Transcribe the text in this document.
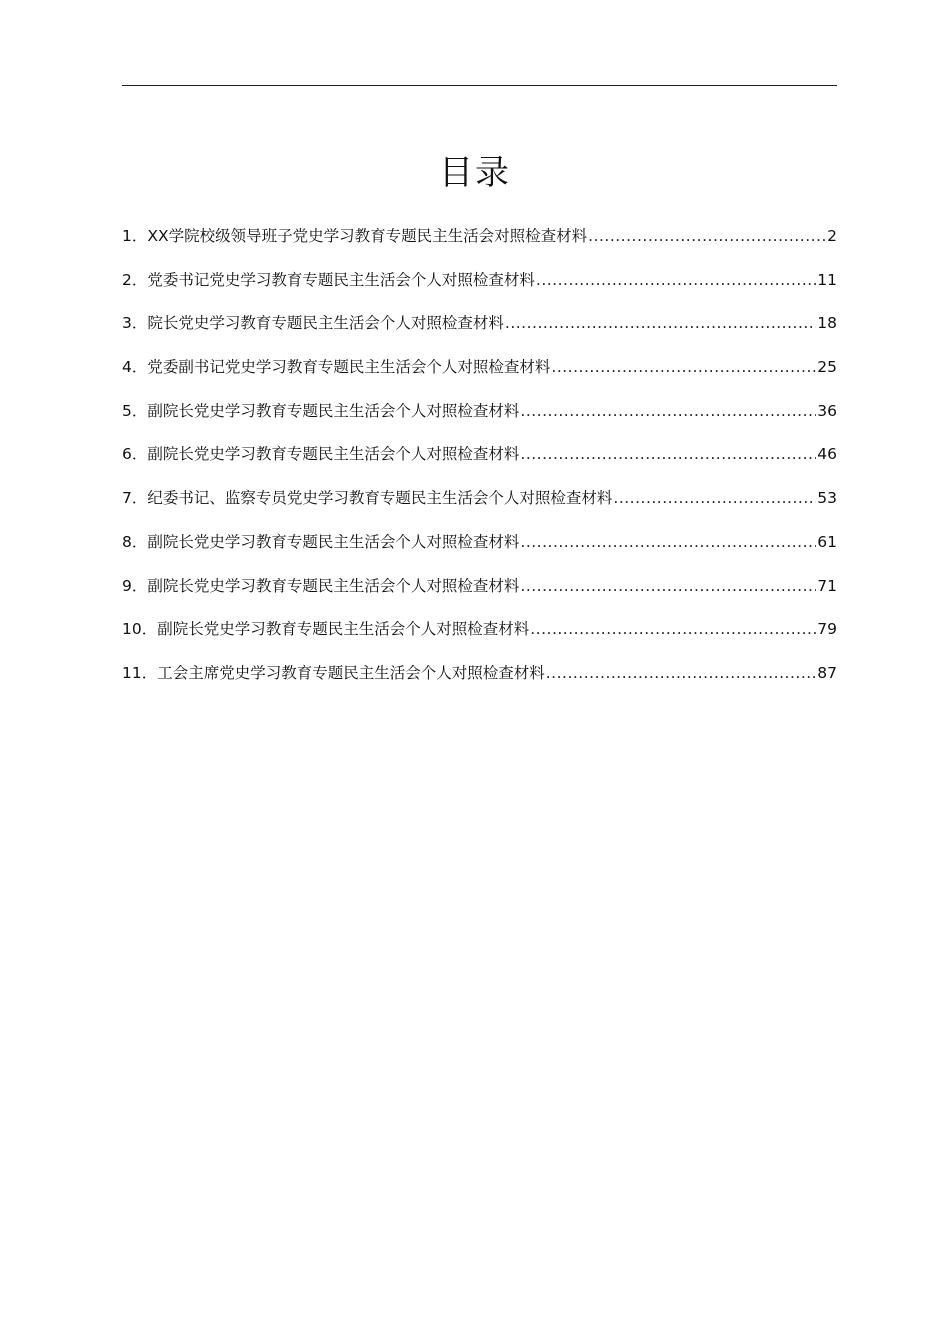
目录
1． XX学院校级领导班子党史学习教育专题民主生活会对照检查材料 .....	2
2． 党委书记党史学习教育专题民主生活会个人对照检查材料 .....	11
3． 院长党史学习教育专题民主生活会个人对照检查材料 .....	18
4． 党委副书记党史学习教育专题民主生活会个人对照检查材料 .....	25
5． 副院长党史学习教育专题民主生活会个人对照检查材料 .....	36
6． 副院长党史学习教育专题民主生活会个人对照检查材料 .....	46
7． 纪委书记、监察专员党史学习教育专题民主生活会个人对照检查材料 .....	53
8． 副院长党史学习教育专题民主生活会个人对照检查材料 .....	61
9． 副院长党史学习教育专题民主生活会个人对照检查材料 .....	71
10． 副院长党史学习教育专题民主生活会个人对照检查材料 .....	79
11． 工会主席党史学习教育专题民主生活会个人对照检查材料 .....	87
